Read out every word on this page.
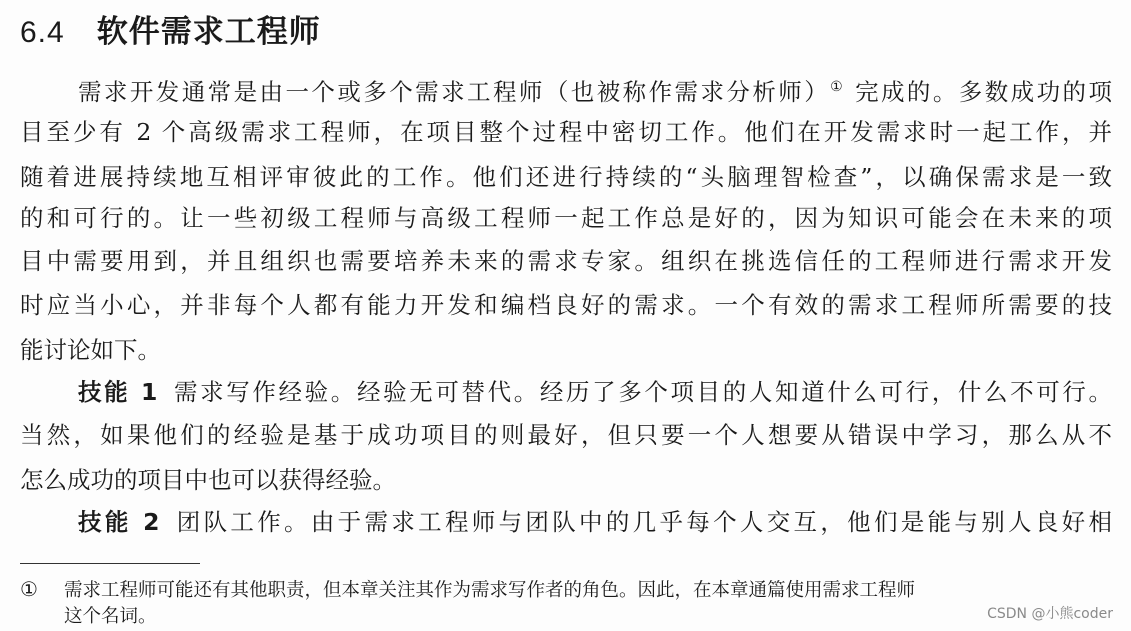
6.4 软件需求工程师
需求开发通常是由一个或多个需求工程师（也被称作需求分析师）① 完成的。多数成功的项
目至少有 2 个高级需求工程师，在项目整个过程中密切工作。他们在开发需求时一起工作，并
随着进展持续地互相评审彼此的工作。他们还进行持续的“头脑理智检查”，以确保需求是一致
的和可行的。让一些初级工程师与高级工程师一起工作总是好的，因为知识可能会在未来的项
目中需要用到，并且组织也需要培养未来的需求专家。组织在挑选信任的工程师进行需求开发
时应当小心，并非每个人都有能力开发和编档良好的需求。一个有效的需求工程师所需要的技
能讨论如下。
技能 1 需求写作经验。经验无可替代。经历了多个项目的人知道什么可行，什么不可行。
当然，如果他们的经验是基于成功项目的则最好，但只要一个人想要从错误中学习，那么从不
怎么成功的项目中也可以获得经验。
技能 2 团队工作。由于需求工程师与团队中的几乎每个人交互，他们是能与别人良好相
① 需求工程师可能还有其他职责，但本章关注其作为需求写作者的角色。因此，在本章通篇使用需求工程师
这个名词。	CSDN @小熊coder
